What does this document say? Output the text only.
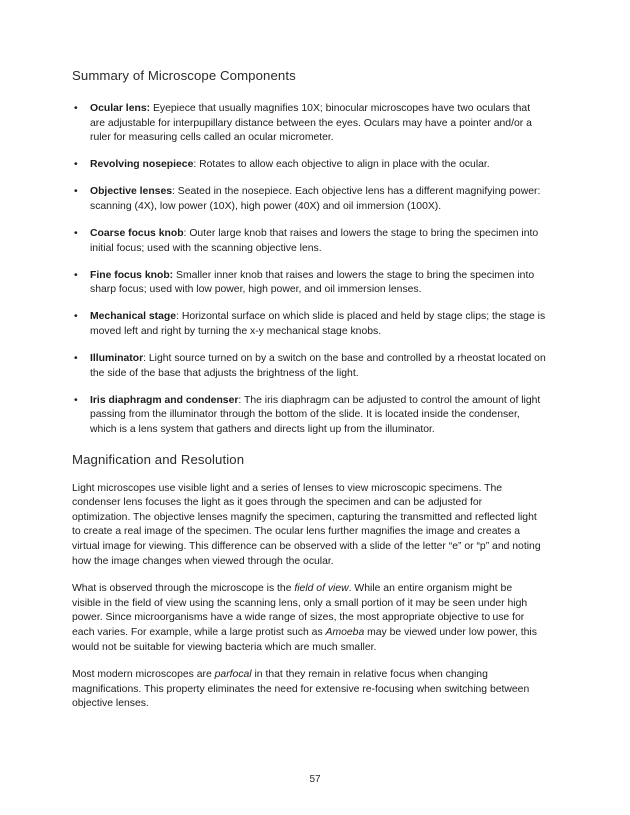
Summary of Microscope Components
• Ocular lens: Eyepiece that usually magnifies 10X; binocular microscopes have two oculars that are adjustable for interpupillary distance between the eyes. Oculars may have a pointer and/or a ruler for measuring cells called an ocular micrometer.
• Revolving nosepiece: Rotates to allow each objective to align in place with the ocular.
• Objective lenses: Seated in the nosepiece. Each objective lens has a different magnifying power: scanning (4X), low power (10X), high power (40X) and oil immersion (100X).
• Coarse focus knob: Outer large knob that raises and lowers the stage to bring the specimen into initial focus; used with the scanning objective lens.
• Fine focus knob: Smaller inner knob that raises and lowers the stage to bring the specimen into sharp focus; used with low power, high power, and oil immersion lenses.
• Mechanical stage: Horizontal surface on which slide is placed and held by stage clips; the stage is moved left and right by turning the x-y mechanical stage knobs.
• Illuminator: Light source turned on by a switch on the base and controlled by a rheostat located on the side of the base that adjusts the brightness of the light.
• Iris diaphragm and condenser: The iris diaphragm can be adjusted to control the amount of light passing from the illuminator through the bottom of the slide. It is located inside the condenser, which is a lens system that gathers and directs light up from the illuminator.
Magnification and Resolution

Light microscopes use visible light and a series of lenses to view microscopic specimens. The condenser lens focuses the light as it goes through the specimen and can be adjusted for optimization. The objective lenses magnify the specimen, capturing the transmitted and reflected light to create a real image of the specimen. The ocular lens further magnifies the image and creates a virtual image for viewing. This difference can be observed with a slide of the letter “e” or “p” and noting how the image changes when viewed through the ocular.

What is observed through the microscope is the field of view. While an entire organism might be visible in the field of view using the scanning lens, only a small portion of it may be seen under high power. Since microorganisms have a wide range of sizes, the most appropriate objective to use for each varies. For example, while a large protist such as Amoeba may be viewed under low power, this would not be suitable for viewing bacteria which are much smaller.

Most modern microscopes are parfocal in that they remain in relative focus when changing magnifications. This property eliminates the need for extensive re-focusing when switching between objective lenses.

57
